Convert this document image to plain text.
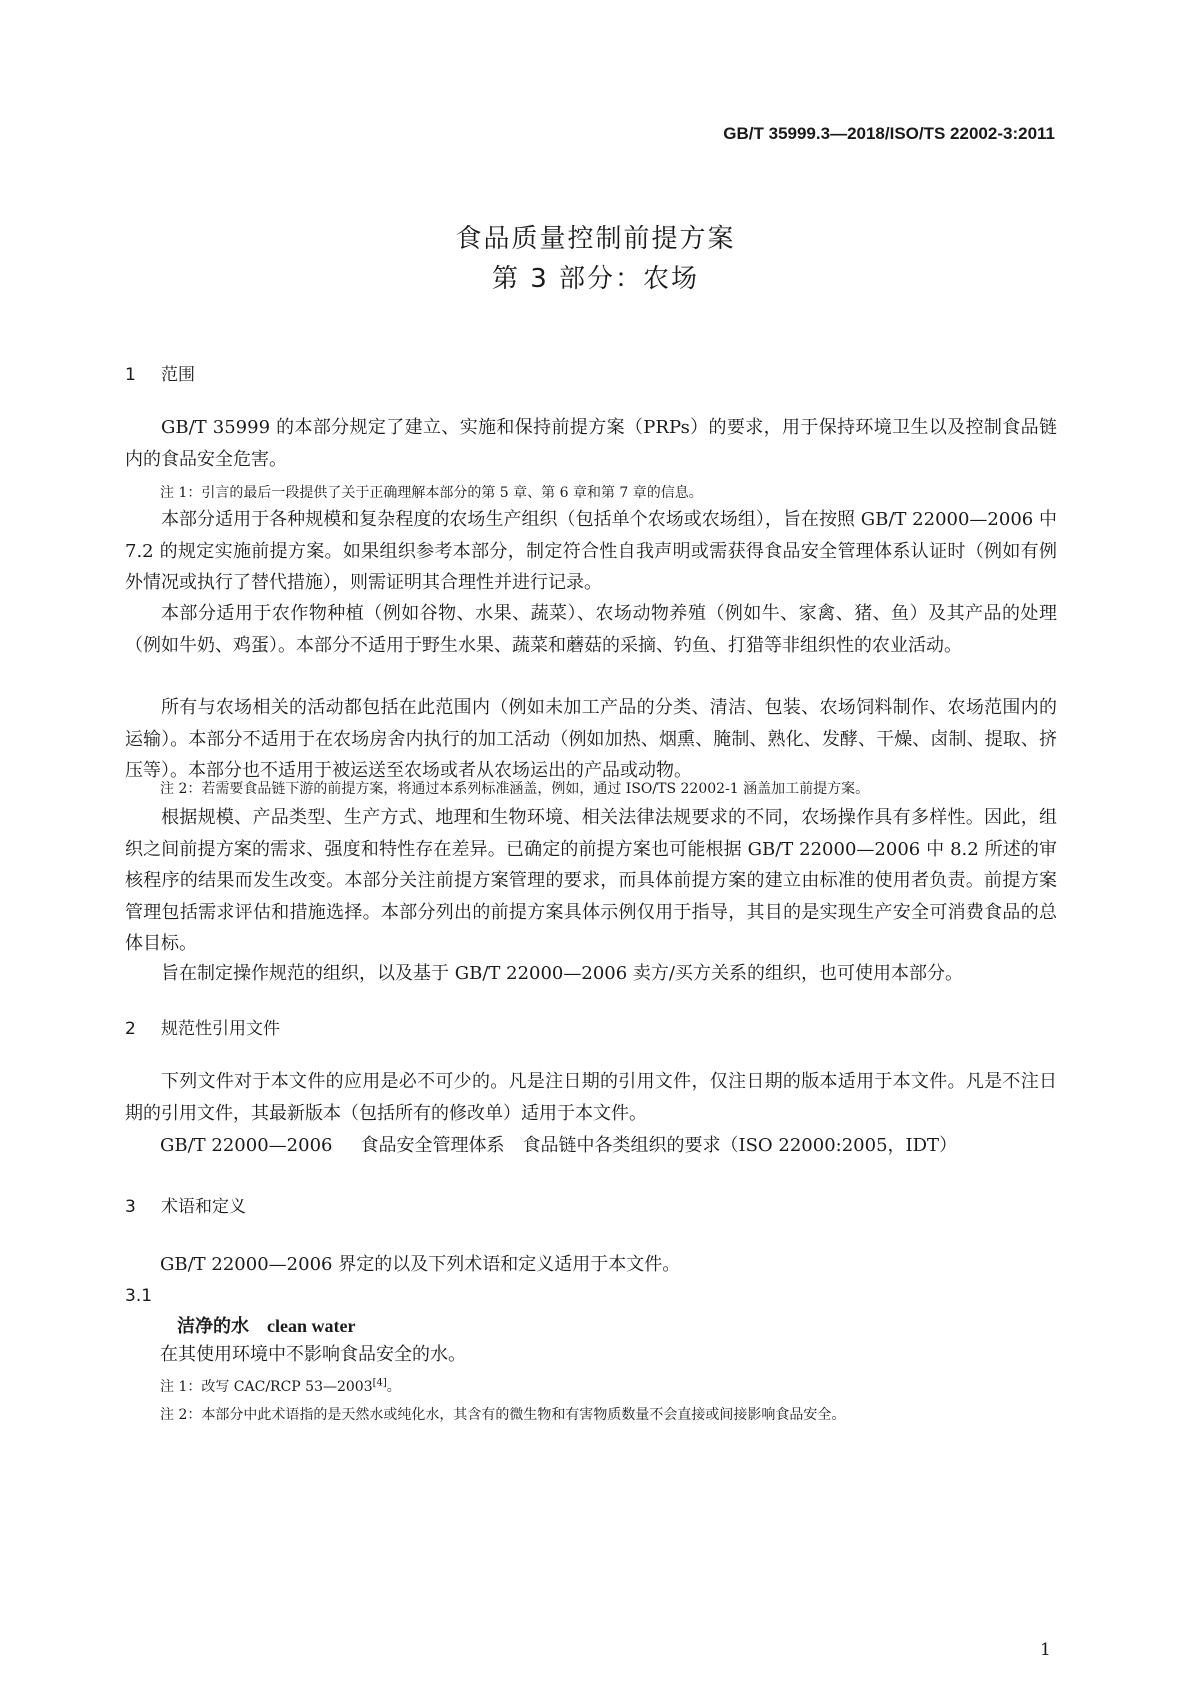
GB/T 35999.3—2018/ISO/TS 22002-3:2011
食品质量控制前提方案
第 3 部分：农场
1 范围
GB/T 35999 的本部分规定了建立、实施和保持前提方案（PRPs）的要求，用于保持环境卫生以及控制食品链内的食品安全危害。
注 1：引言的最后一段提供了关于正确理解本部分的第 5 章、第 6 章和第 7 章的信息。
本部分适用于各种规模和复杂程度的农场生产组织（包括单个农场或农场组），旨在按照 GB/T 22000—2006 中 7.2 的规定实施前提方案。如果组织参考本部分，制定符合性自我声明或需获得食品安全管理体系认证时（例如有例外情况或执行了替代措施），则需证明其合理性并进行记录。
本部分适用于农作物种植（例如谷物、水果、蔬菜）、农场动物养殖（例如牛、家禽、猪、鱼）及其产品的处理（例如牛奶、鸡蛋）。本部分不适用于野生水果、蔬菜和蘑菇的采摘、钓鱼、打猎等非组织性的农业活动。
所有与农场相关的活动都包括在此范围内（例如未加工产品的分类、清洁、包装、农场饲料制作、农场范围内的运输）。本部分不适用于在农场房舍内执行的加工活动（例如加热、烟熏、腌制、熟化、发酵、干燥、卤制、提取、挤压等）。本部分也不适用于被运送至农场或者从农场运出的产品或动物。
注 2：若需要食品链下游的前提方案，将通过本系列标准涵盖，例如，通过 ISO/TS 22002-1 涵盖加工前提方案。
根据规模、产品类型、生产方式、地理和生物环境、相关法律法规要求的不同，农场操作具有多样性。因此，组织之间前提方案的需求、强度和特性存在差异。已确定的前提方案也可能根据 GB/T 22000—2006 中 8.2 所述的审核程序的结果而发生改变。本部分关注前提方案管理的要求，而具体前提方案的建立由标准的使用者负责。前提方案管理包括需求评估和措施选择。本部分列出的前提方案具体示例仅用于指导，其目的是实现生产安全可消费食品的总体目标。
旨在制定操作规范的组织，以及基于 GB/T 22000—2006 卖方/买方关系的组织，也可使用本部分。
2 规范性引用文件
下列文件对于本文件的应用是必不可少的。凡是注日期的引用文件，仅注日期的版本适用于本文件。凡是不注日期的引用文件，其最新版本（包括所有的修改单）适用于本文件。
GB/T 22000—2006 食品安全管理体系　食品链中各类组织的要求（ISO 22000:2005，IDT）
3 术语和定义
GB/T 22000—2006 界定的以及下列术语和定义适用于本文件。
3.1
洁净的水 clean water
在其使用环境中不影响食品安全的水。
注 1：改写 CAC/RCP 53—2003[4]。
注 2：本部分中此术语指的是天然水或纯化水，其含有的微生物和有害物质数量不会直接或间接影响食品安全。
1
